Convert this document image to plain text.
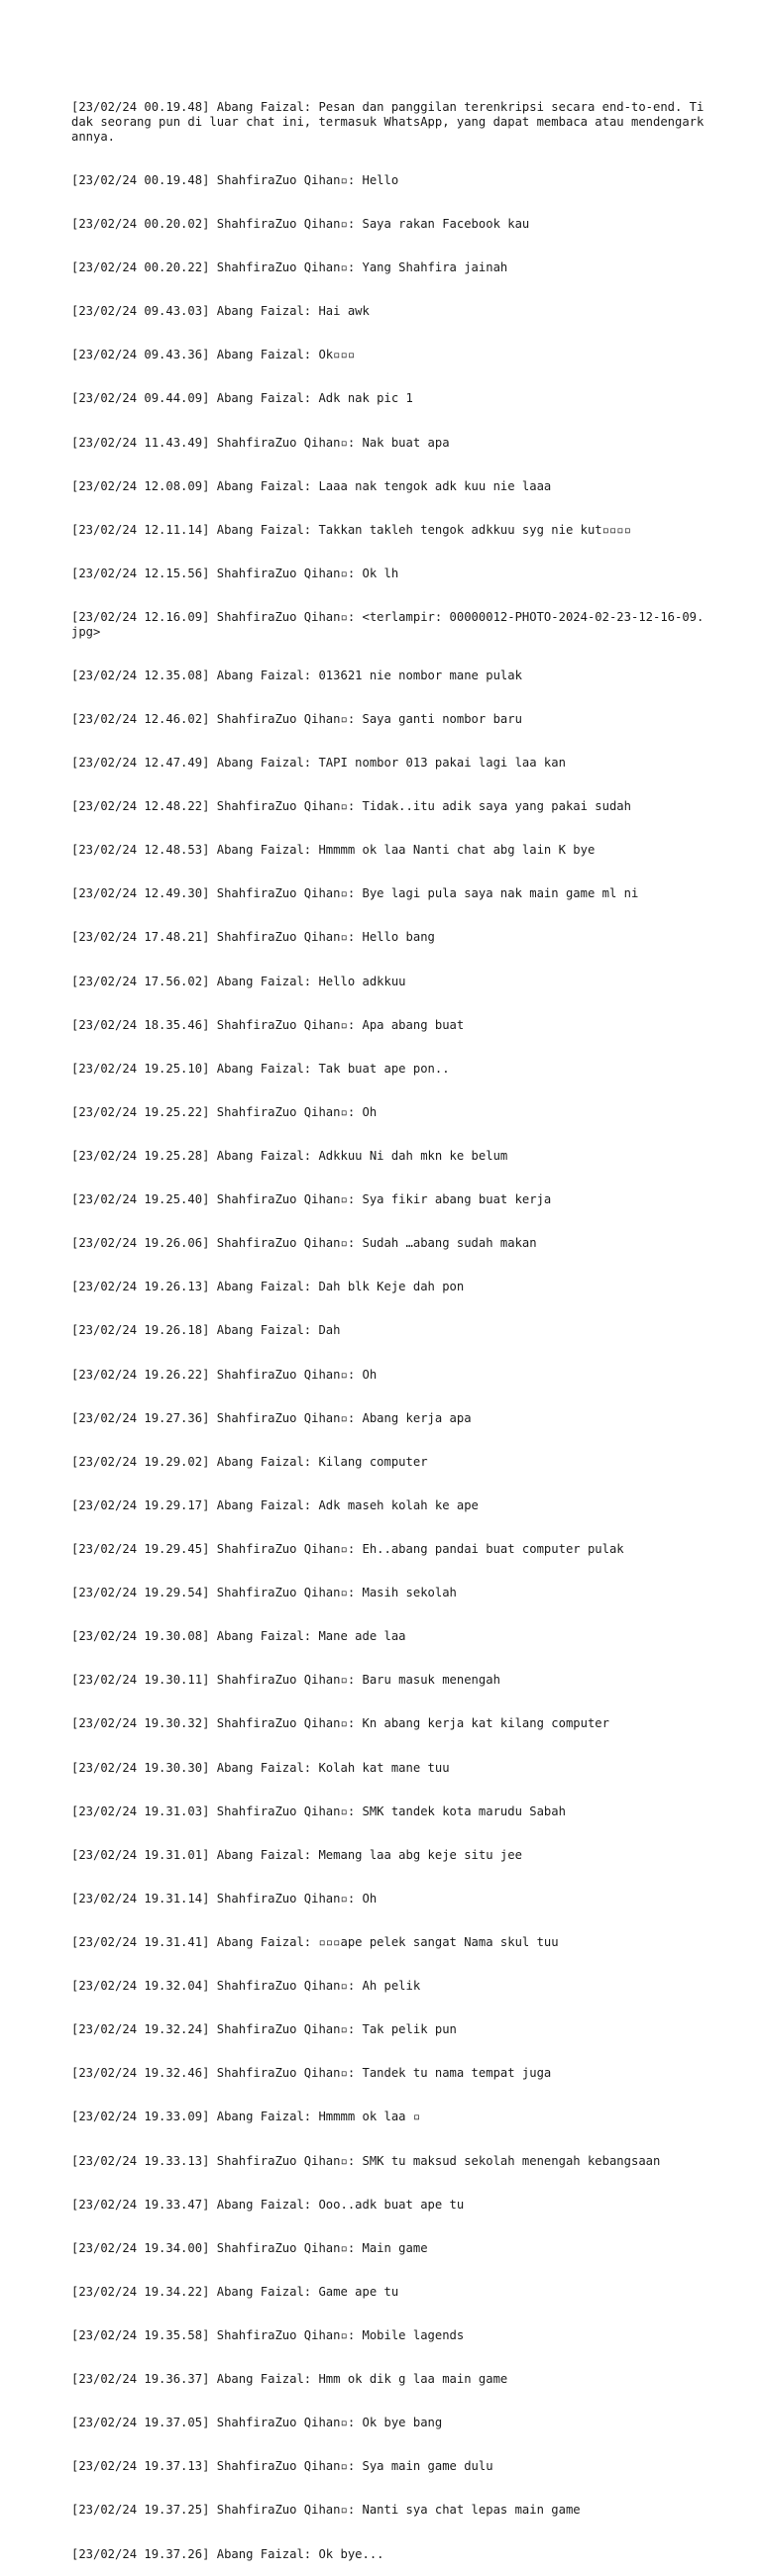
[23/02/24 00.19.48] Abang Faizal: Pesan dan panggilan terenkripsi secara end-to-end. Tidak seorang pun di luar chat ini, termasuk WhatsApp, yang dapat membaca atau mendengarkannya.

[23/02/24 00.19.48] ShahfiraZuo Qihan▫: Hello

[23/02/24 00.20.02] ShahfiraZuo Qihan▫: Saya rakan Facebook kau

[23/02/24 00.20.22] ShahfiraZuo Qihan▫: Yang Shahfira jainah

[23/02/24 09.43.03] Abang Faizal: Hai awk

[23/02/24 09.43.36] Abang Faizal: Ok▫▫▫

[23/02/24 09.44.09] Abang Faizal: Adk nak pic 1

[23/02/24 11.43.49] ShahfiraZuo Qihan▫: Nak buat apa

[23/02/24 12.08.09] Abang Faizal: Laaa nak tengok adk kuu nie laaa

[23/02/24 12.11.14] Abang Faizal: Takkan takleh tengok adkkuu syg nie kut▫▫▫▫

[23/02/24 12.15.56] ShahfiraZuo Qihan▫: Ok lh

[23/02/24 12.16.09] ShahfiraZuo Qihan▫: <terlampir: 00000012-PHOTO-2024-02-23-12-16-09.jpg>

[23/02/24 12.35.08] Abang Faizal: 013621 nie nombor mane pulak

[23/02/24 12.46.02] ShahfiraZuo Qihan▫: Saya ganti nombor baru

[23/02/24 12.47.49] Abang Faizal: TAPI nombor 013 pakai lagi laa kan

[23/02/24 12.48.22] ShahfiraZuo Qihan▫: Tidak..itu adik saya yang pakai sudah

[23/02/24 12.48.53] Abang Faizal: Hmmmm ok laa Nanti chat abg lain K bye

[23/02/24 12.49.30] ShahfiraZuo Qihan▫: Bye lagi pula saya nak main game ml ni

[23/02/24 17.48.21] ShahfiraZuo Qihan▫: Hello bang

[23/02/24 17.56.02] Abang Faizal: Hello adkkuu

[23/02/24 18.35.46] ShahfiraZuo Qihan▫: Apa abang buat

[23/02/24 19.25.10] Abang Faizal: Tak buat ape pon..

[23/02/24 19.25.22] ShahfiraZuo Qihan▫: Oh

[23/02/24 19.25.28] Abang Faizal: Adkkuu Ni dah mkn ke belum

[23/02/24 19.25.40] ShahfiraZuo Qihan▫: Sya fikir abang buat kerja

[23/02/24 19.26.06] ShahfiraZuo Qihan▫: Sudah …abang sudah makan

[23/02/24 19.26.13] Abang Faizal: Dah blk Keje dah pon

[23/02/24 19.26.18] Abang Faizal: Dah

[23/02/24 19.26.22] ShahfiraZuo Qihan▫: Oh

[23/02/24 19.27.36] ShahfiraZuo Qihan▫: Abang kerja apa

[23/02/24 19.29.02] Abang Faizal: Kilang computer

[23/02/24 19.29.17] Abang Faizal: Adk maseh kolah ke ape

[23/02/24 19.29.45] ShahfiraZuo Qihan▫: Eh..abang pandai buat computer pulak

[23/02/24 19.29.54] ShahfiraZuo Qihan▫: Masih sekolah

[23/02/24 19.30.08] Abang Faizal: Mane ade laa

[23/02/24 19.30.11] ShahfiraZuo Qihan▫: Baru masuk menengah

[23/02/24 19.30.32] ShahfiraZuo Qihan▫: Kn abang kerja kat kilang computer

[23/02/24 19.30.30] Abang Faizal: Kolah kat mane tuu

[23/02/24 19.31.03] ShahfiraZuo Qihan▫: SMK tandek kota marudu Sabah

[23/02/24 19.31.01] Abang Faizal: Memang laa abg keje situ jee

[23/02/24 19.31.14] ShahfiraZuo Qihan▫: Oh

[23/02/24 19.31.41] Abang Faizal: ▫▫▫ape pelek sangat Nama skul tuu

[23/02/24 19.32.04] ShahfiraZuo Qihan▫: Ah pelik

[23/02/24 19.32.24] ShahfiraZuo Qihan▫: Tak pelik pun

[23/02/24 19.32.46] ShahfiraZuo Qihan▫: Tandek tu nama tempat juga

[23/02/24 19.33.09] Abang Faizal: Hmmmm ok laa ▫

[23/02/24 19.33.13] ShahfiraZuo Qihan▫: SMK tu maksud sekolah menengah kebangsaan

[23/02/24 19.33.47] Abang Faizal: Ooo..adk buat ape tu

[23/02/24 19.34.00] ShahfiraZuo Qihan▫: Main game

[23/02/24 19.34.22] Abang Faizal: Game ape tu

[23/02/24 19.35.58] ShahfiraZuo Qihan▫: Mobile lagends

[23/02/24 19.36.37] Abang Faizal: Hmm ok dik g laa main game

[23/02/24 19.37.05] ShahfiraZuo Qihan▫: Ok bye bang

[23/02/24 19.37.13] ShahfiraZuo Qihan▫: Sya main game dulu

[23/02/24 19.37.25] ShahfiraZuo Qihan▫: Nanti sya chat lepas main game

[23/02/24 19.37.26] Abang Faizal: Ok bye...
